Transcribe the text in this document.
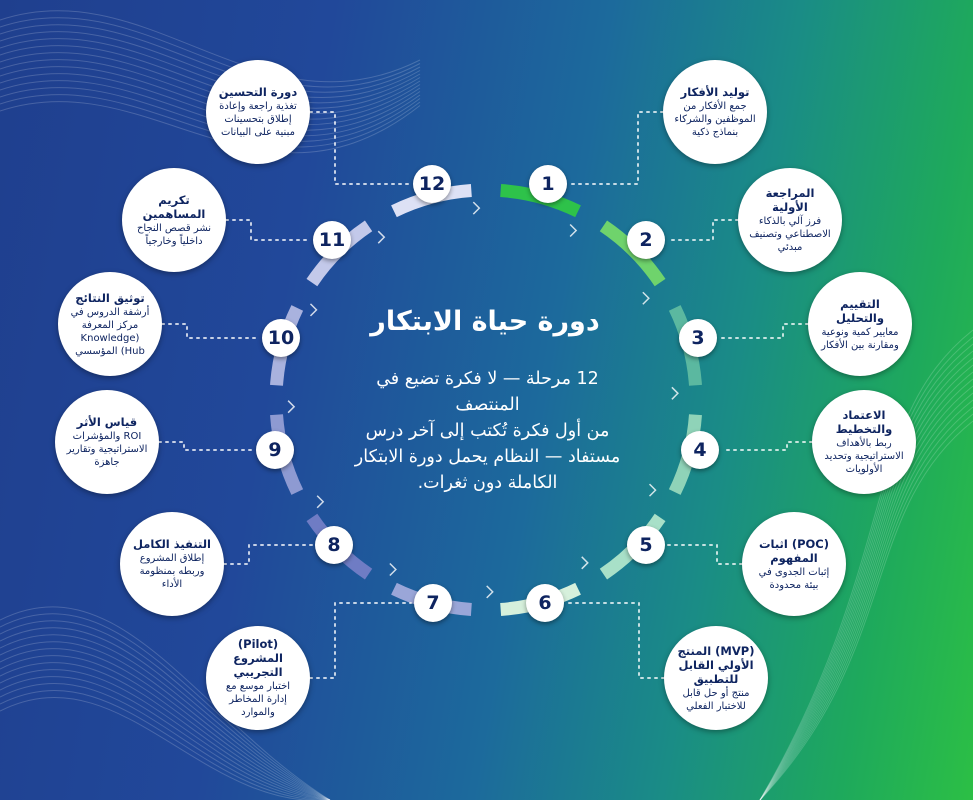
دورة حياة الابتكار
12 مرحلة — لا فكرة تضيع في المنتصف
من أول فكرة تُكتب إلى آخر درس مستفاد — النظام يحمل دورة الابتكار الكاملة دون ثغرات.
1
توليد الأفكار
جمع الأفكار من الموظفين والشركاء بنماذج ذكية
2
المراجعة الأولية
فرز آلي بالذكاء الاصطناعي وتصنيف مبدئي
3
التقييم والتحليل
معايير كمية ونوعية ومقارنة بين الأفكار
4
الاعتماد والتخطيط
ربط بالأهداف الاستراتيجية وتحديد الأولويات
5	(POC) اثبات المفهوم
إثبات الجدوى في بيئة محدودة
6
(MVP) المنتج الأولي القابل للتطبيق
منتج أو حل قابل للاختبار الفعلي
7
(Pilot) المشروع التجريبي
اختبار موسع مع إدارة المخاطر والموارد
8
التنفيذ الكامل
إطلاق المشروع وربطه بمنظومة الأداء
9
قياس الأثر
ROI والمؤشرات الاستراتيجية وتقارير جاهزة
10
توثيق النتائج
أرشفة الدروس في مركز المعرفة (Knowledge Hub) المؤسسي
11
تكريم المساهمين
نشر قصص النجاح داخلياً وخارجياً
12
دورة التحسين
تغذية راجعة وإعادة إطلاق بتحسينات مبنية على البيانات
